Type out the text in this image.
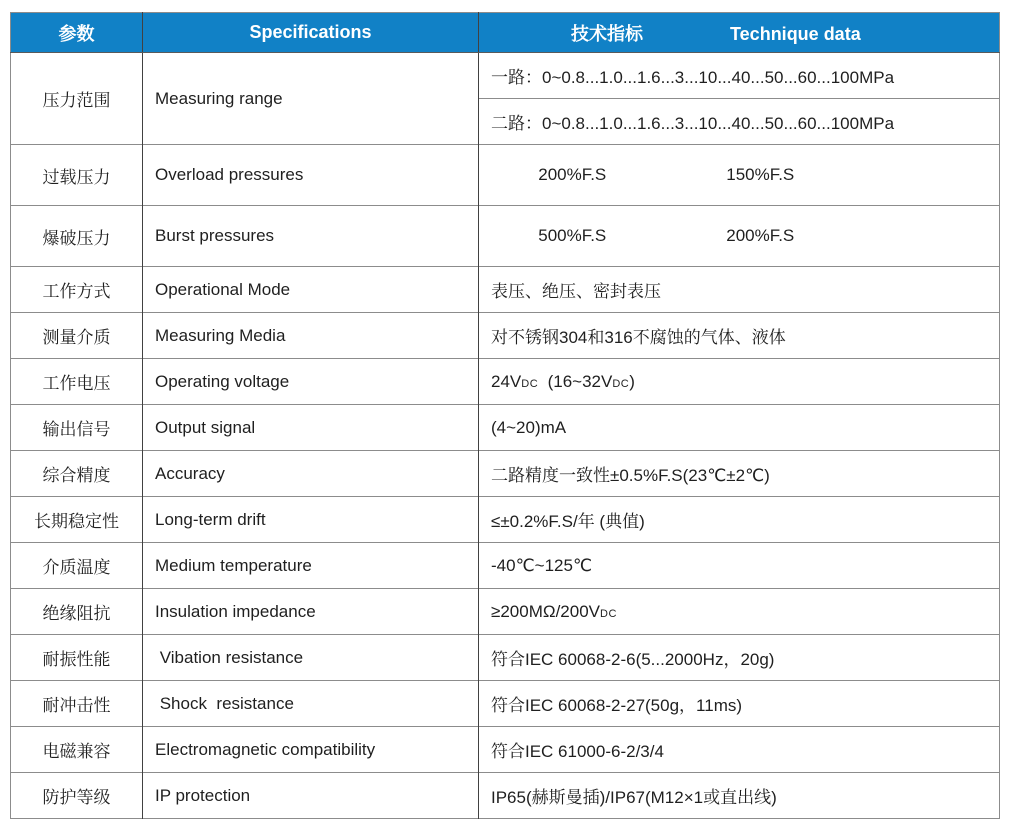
参数	Specifications	技术指标 Technique data
压力范围	Measuring range	一路：0~0.8...1.0...1.6...3...10...40...50...60...100MPa
		二路：0~0.8...1.0...1.6...3...10...40...50...60...100MPa
过载压力	Overload pressures	200%F.S 150%F.S

爆破压力	Burst pressures	500%F.S 200%F.S

工作方式	Operational Mode	表压、绝压、密封表压
测量介质	Measuring Media	对不锈钢304和316不腐蚀的气体、液体
工作电压	Operating voltage	24VDC  (16~32VDC)
输出信号	Output signal	(4~20)mA
综合精度	Accuracy	二路精度一致性±0.5%F.S(23℃±2℃)
长期稳定性	Long-term drift	≤±0.2%F.S/年 (典值)
介质温度	Medium temperature	-40℃~125℃
绝缘阻抗	Insulation impedance	≥200MΩ/200VDC
耐振性能	Vibation resistance	符合IEC 60068-2-6(5...2000Hz，20g)
耐冲击性	Shock  resistance	符合IEC 60068-2-27(50g，11ms)
电磁兼容	Electromagnetic compatibility	符合IEC 61000-6-2/3/4
防护等级	IP protection	IP65(赫斯曼插)/IP67(M12×1或直出线)
